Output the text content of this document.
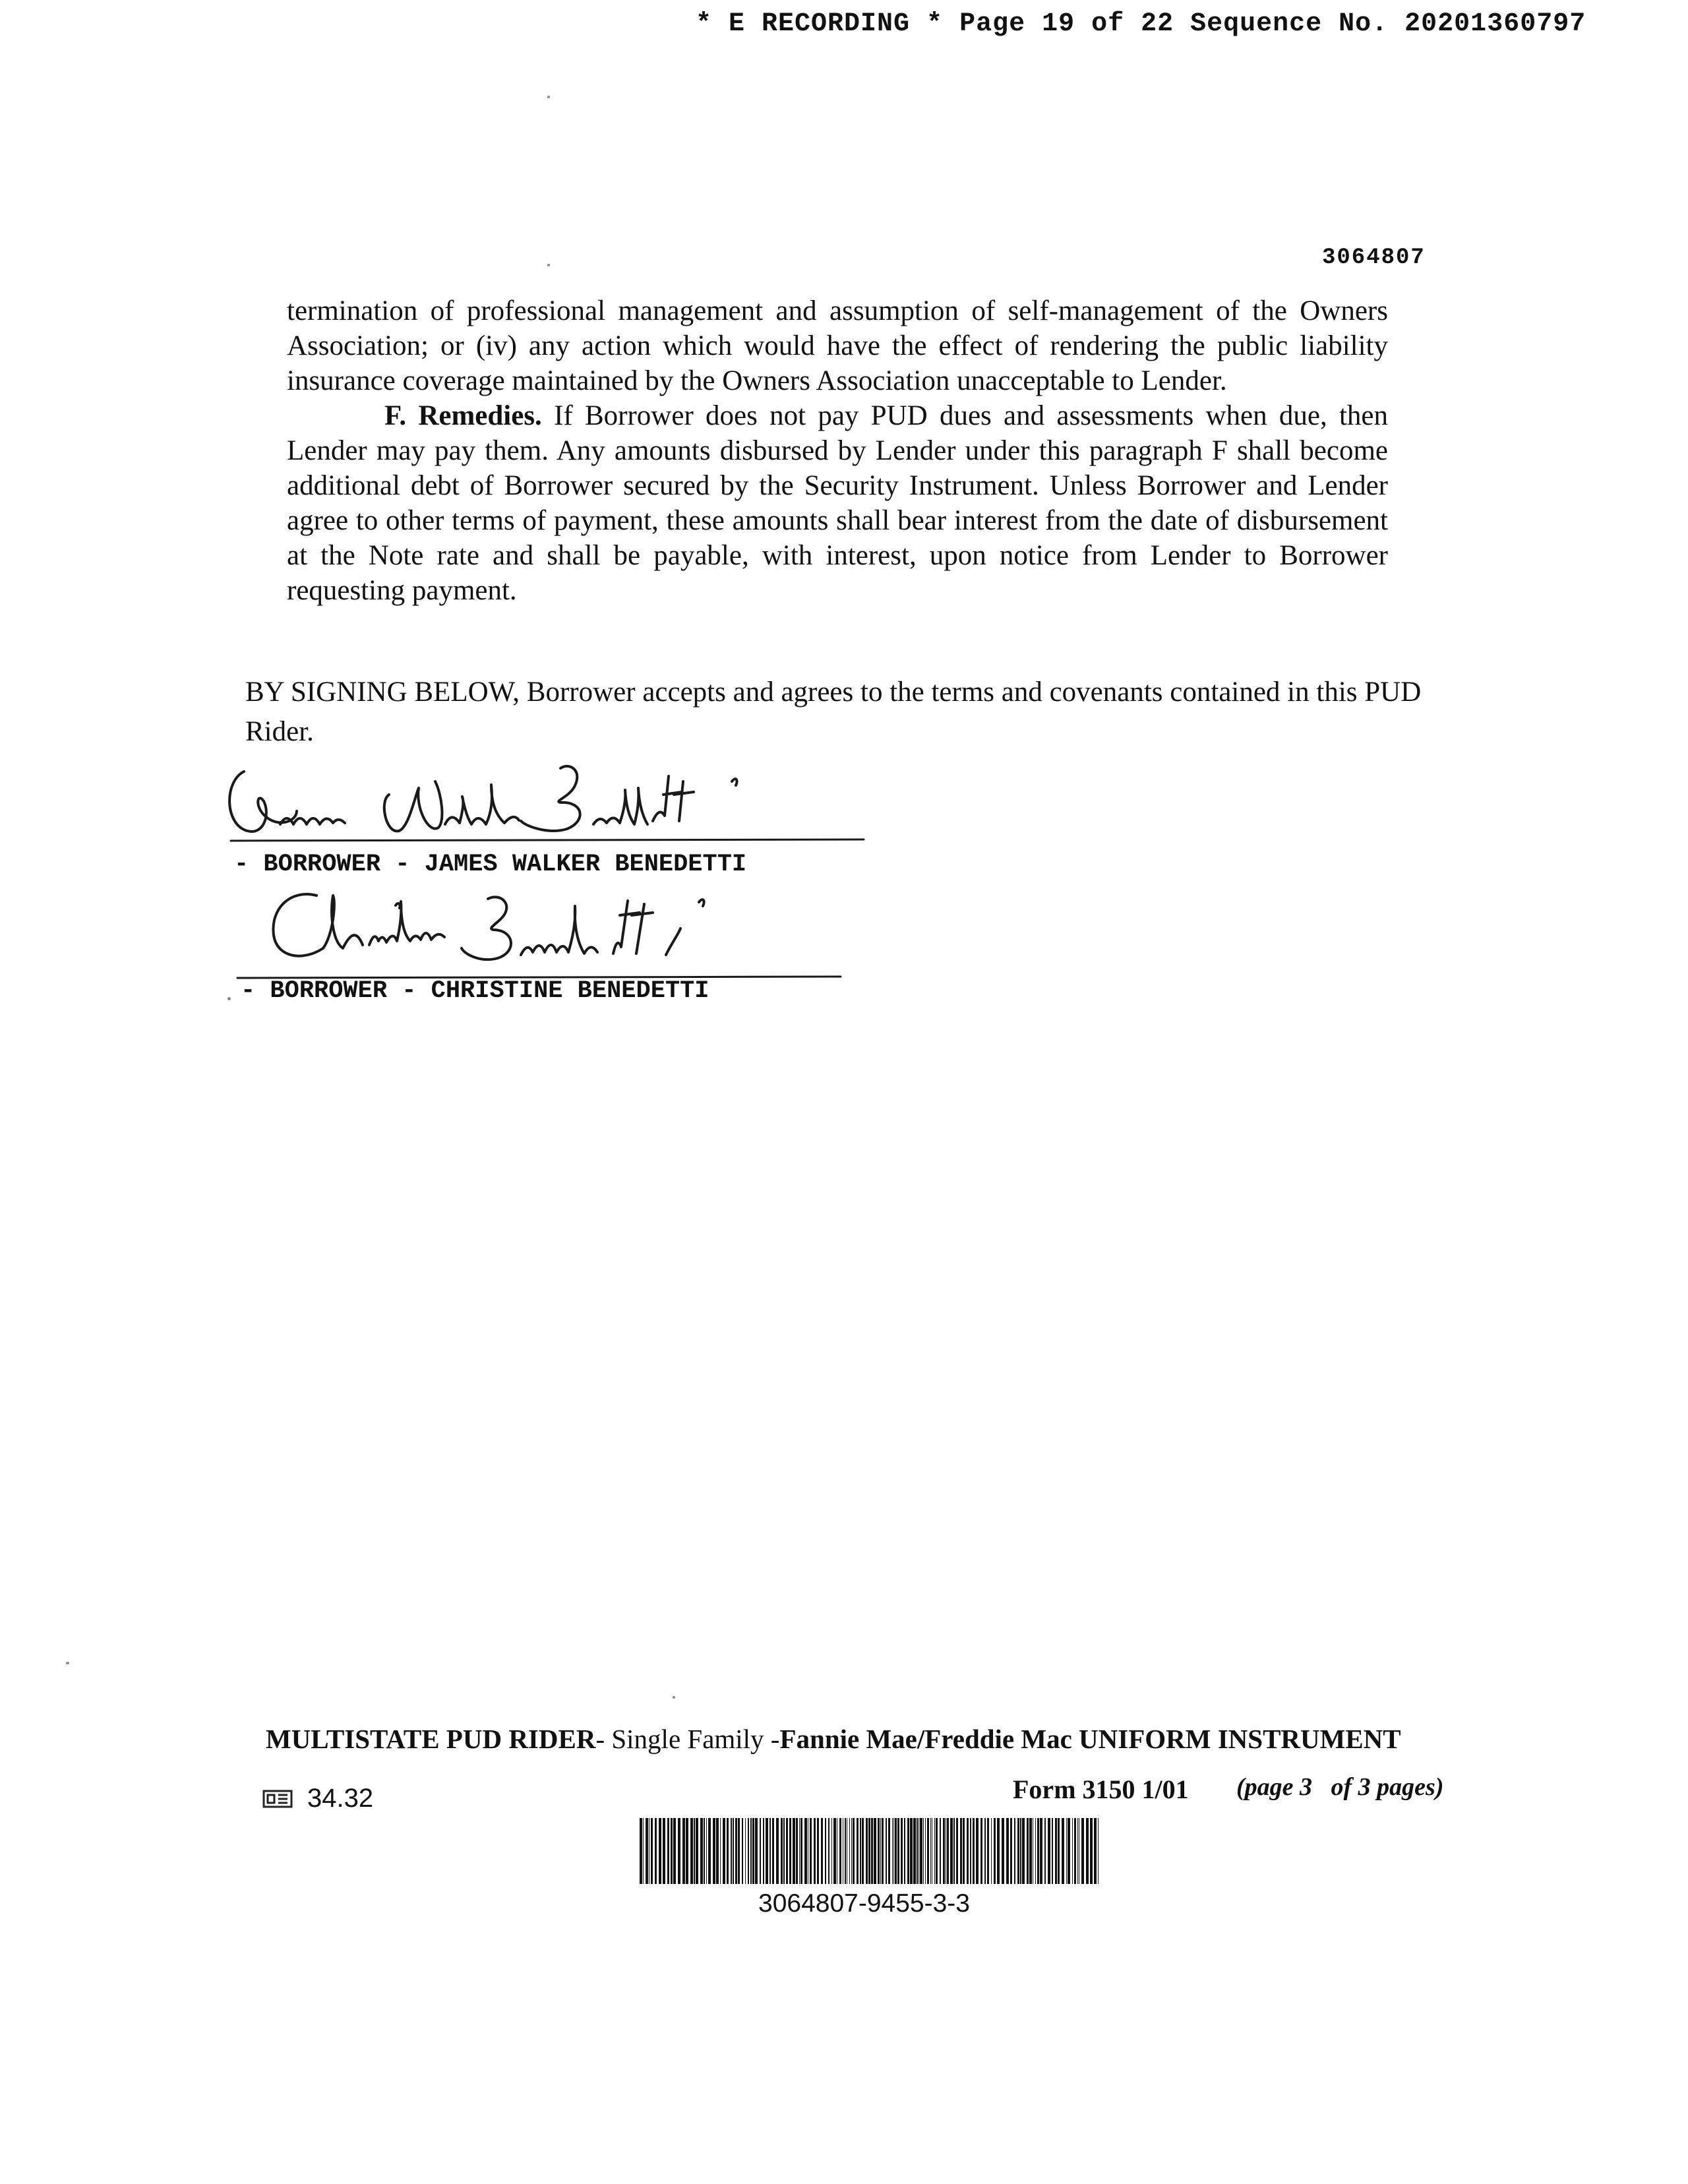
* E RECORDING * Page 19 of 22 Sequence No. 20201360797
3064807

termination of professional management and assumption of self-management of the Owners Association; or (iv) any action which would have the effect of rendering the public liability insurance coverage maintained by the Owners Association unacceptable to Lender.

F. Remedies. If Borrower does not pay PUD dues and assessments when due, then Lender may pay them. Any amounts disbursed by Lender under this paragraph F shall become additional debt of Borrower secured by the Security Instrument. Unless Borrower and Lender agree to other terms of payment, these amounts shall bear interest from the date of disbursement at the Note rate and shall be payable, with interest, upon notice from Lender to Borrower requesting payment.

BY SIGNING BELOW, Borrower accepts and agrees to the terms and covenants contained in this PUD Rider.

- BORROWER - JAMES WALKER BENEDETTI
- BORROWER - CHRISTINE BENEDETTI
MULTISTATE PUD RIDER- Single Family -Fannie Mae/Freddie Mac UNIFORM INSTRUMENT
34.32	Form 3150 1/01 (page 3   of 3 pages)
3064807-9455-3-3
